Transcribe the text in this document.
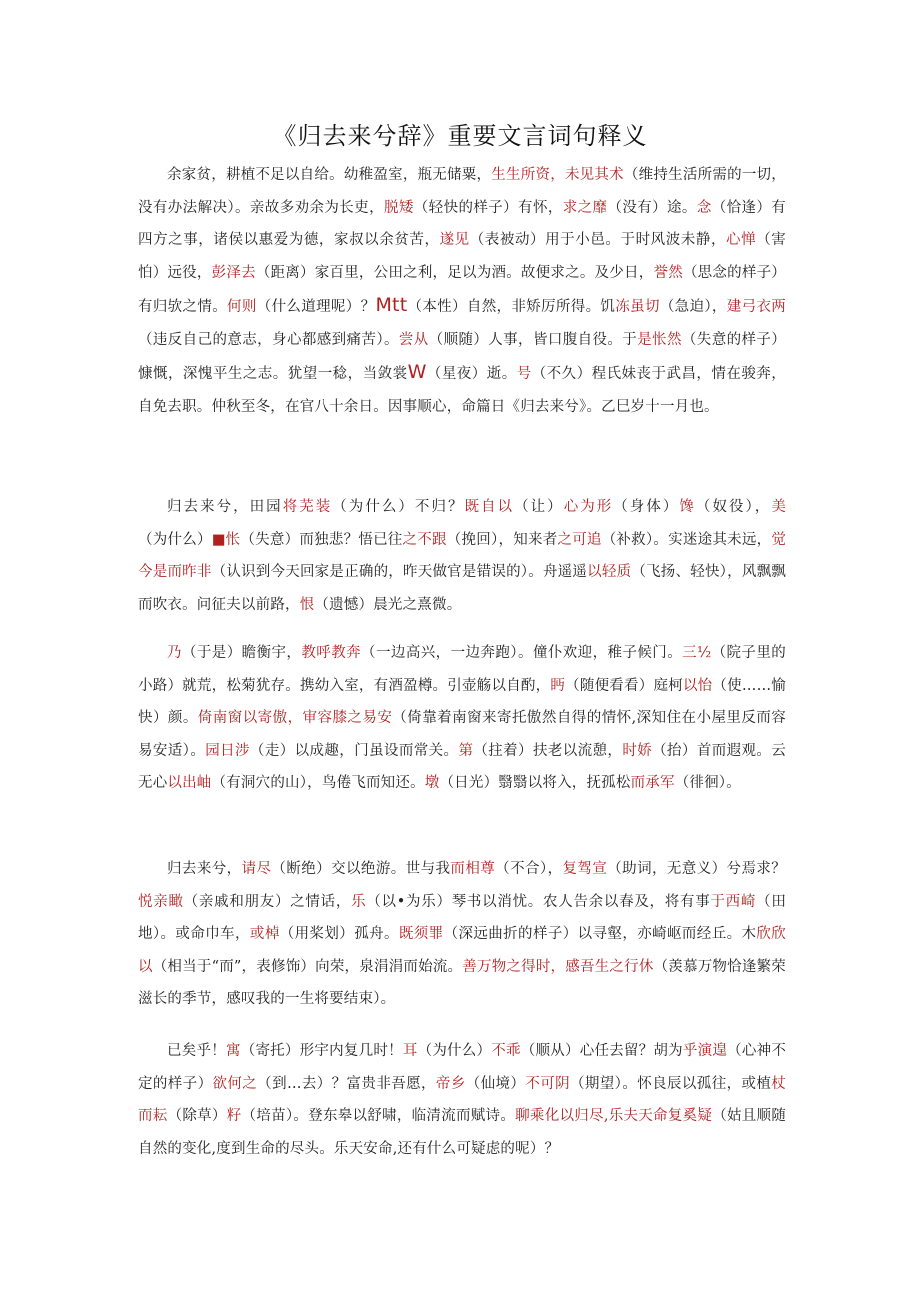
《归去来兮辞》重要文言词句释义

余家贫，耕植不足以自给。幼稚盈室，瓶无储粟，生生所资，未见其术（维持生活所需的一切，没有办法解决）。亲故多劝余为长吏，脱矮（轻快的样子）有怀，求之靡（没有）途。念（恰逢）有四方之事，诸侯以惠爱为德，家叔以余贫苦，遂见（表被动）用于小邑。于时风波未静，心惮（害怕）远役，彭泽去（距离）家百里，公田之利，足以为酒。故便求之。及少日，誉然（思念的样子）有归欤之情。何则（什么道理呢）？Mtt（本性）自然，非矫厉所得。饥冻虽切（急迫），建弓衣两（违反自己的意志，身心都感到痛苦）。尝从（顺随）人事，皆口腹自役。于是怅然（失意的样子）慷慨，深愧平生之志。犹望一稔，当敛裳W（星夜）逝。号（不久）程氏妹丧于武昌，情在骏奔，自免去职。仲秋至冬，在官八十余日。因事顺心，命篇日《归去来兮》。乙巳岁十一月也。

归去来兮，田园将芜装（为什么）不归？既自以（让）心为形（身体）馋（奴役），美（为什么）■怅（失意）而独悲？悟已往之不跟（挽回），知来者之可追（补救）。实迷途其未远，觉今是而昨非（认识到今天回家是正确的，昨天做官是错误的）。舟遥遥以轻质（飞扬、轻快），风飘飘而吹衣。问征夫以前路，恨（遗憾）晨光之熹微。

乃（于是）瞻衡宇，教呼教奔（一边高兴，一边奔跑）。僮仆欢迎，稚子候门。三½（院子里的小路）就荒，松菊犹存。携幼入室，有酒盈樽。引壶觞以自酌，眄（随便看看）庭柯以怡（使……愉快）颜。倚南窗以寄傲，审容膝之易安（倚靠着南窗来寄托傲然自得的情怀,深知住在小屋里反而容易安适）。园日涉（走）以成趣，门虽设而常关。第（拄着）扶老以流憩，时娇（抬）首而遐观。云无心以出岫（有洞穴的山），鸟倦飞而知还。墩（日光）翳翳以将入，抚孤松而承军（徘徊）。

归去来兮，请尽（断绝）交以绝游。世与我而相尊（不合），复驾宣（助词，无意义）兮焉求？悦亲瞰（亲戚和朋友）之情话，乐（以•为乐）琴书以消忧。农人告余以春及，将有事于西崎（田地）。或命巾车，或棹（用桨划）孤舟。既须罪（深远曲折的样子）以寻壑，亦崎岖而经丘。木欣欣以（相当于“而”，表修饰）向荣，泉涓涓而始流。善万物之得时，感吾生之行休（羡慕万物恰逢繁荣滋长的季节，感叹我的一生将要结束）。

已矣乎！寓（寄托）形宇内复几时！耳（为什么）不乖（顺从）心任去留？胡为乎演遑（心神不定的样子）欲何之（到…去）？富贵非吾愿，帝乡（仙境）不可阴（期望）。怀良辰以孤往，或植杖而耘（除草）籽（培苗）。登东皋以舒啸，临清流而赋诗。聊乘化以归尽,乐夫天命复奚疑（姑且顺随自然的变化,度到生命的尽头。乐天安命,还有什么可疑虑的呢）？
